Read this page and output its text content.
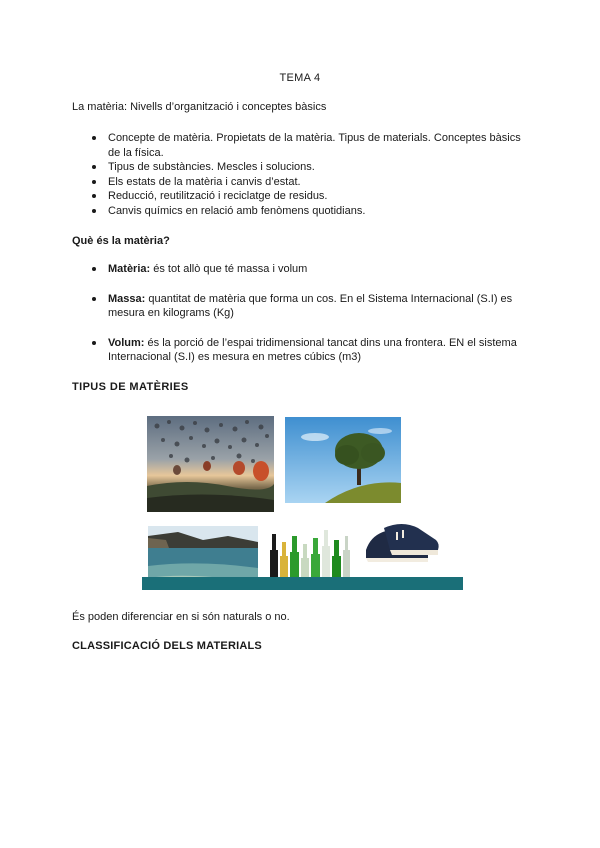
TEMA 4
La matèria: Nivells d’organització i conceptes bàsics
Concepte de matèria. Propietats de la matèria. Tipus de materials. Conceptes bàsics de la física.
Tipus de substàncies. Mescles i solucions.
Els estats de la matèria i canvis d’estat.
Reducció, reutilització i reciclatge de residus.
Canvis químics en relació amb fenòmens quotidians.
Què és la matèria?
Matèria: és tot allò que té massa i volum
Massa: quantitat de matèria que forma un cos. En el Sistema Internacional (S.I) es mesura en kilograms (Kg)
Volum: és la porció de l’espai tridimensional tancat dins una frontera. EN el sistema Internacional (S.I) es mesura en metres cúbics (m3)
TIPUS DE MATÈRIES
És poden diferenciar en si són naturals o no.
CLASSIFICACIÓ DELS MATERIALS
